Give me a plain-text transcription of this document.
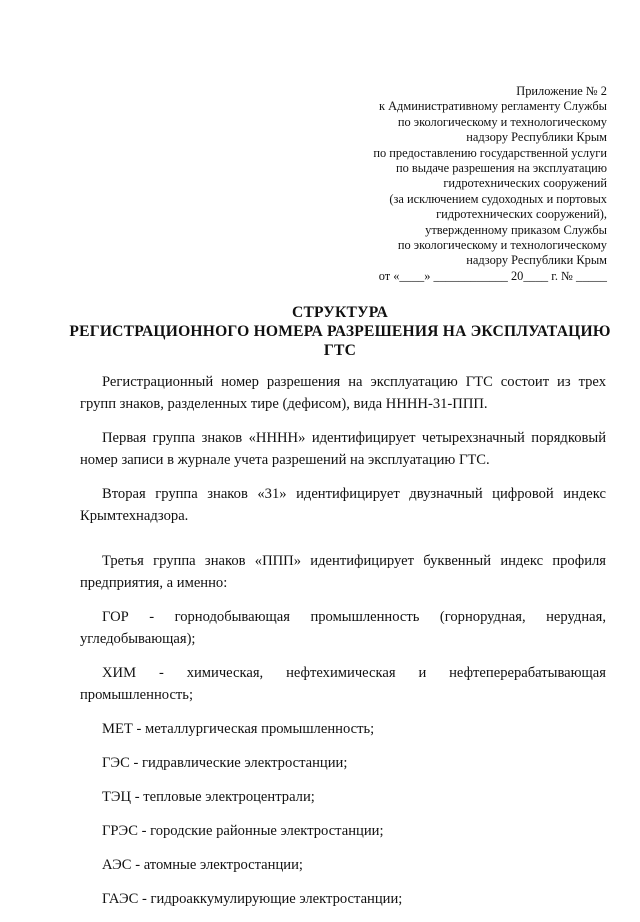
Приложение № 2
к Административному регламенту Службы
по экологическому и технологическому
надзору Республики Крым
по предоставлению государственной услуги
по выдаче разрешения на эксплуатацию
гидротехнических сооружений
(за исключением судоходных и портовых
гидротехнических сооружений),
утвержденному приказом Службы
по экологическому и технологическому
надзору Республики Крым
от «____» ____________ 20____ г. № _____
СТРУКТУРА
РЕГИСТРАЦИОННОГО НОМЕРА РАЗРЕШЕНИЯ НА ЭКСПЛУАТАЦИЮ
ГТС

Регистрационный номер разрешения на эксплуатацию ГТС состоит из трех групп знаков, разделенных тире (дефисом), вида НННН-31-ППП.

Первая группа знаков «НННН» идентифицирует четырехзначный порядковый номер записи в журнале учета разрешений на эксплуатацию ГТС.

Вторая группа знаков «31» идентифицирует двузначный цифровой индекс Крымтехнадзора.

Третья группа знаков «ППП» идентифицирует буквенный индекс профиля предприятия, а именно:

ГОР - горнодобывающая промышленность (горнорудная, нерудная,
угледобывающая);
ХИМ - химическая, нефтехимическая и нефтеперерабатывающая
промышленность;

МЕТ - металлургическая промышленность;

ГЭС - гидравлические электростанции;

ТЭЦ - тепловые электроцентрали;

ГРЭС - городские районные электростанции;

АЭС - атомные электростанции;

ГАЭС - гидроаккумулирующие электростанции;
